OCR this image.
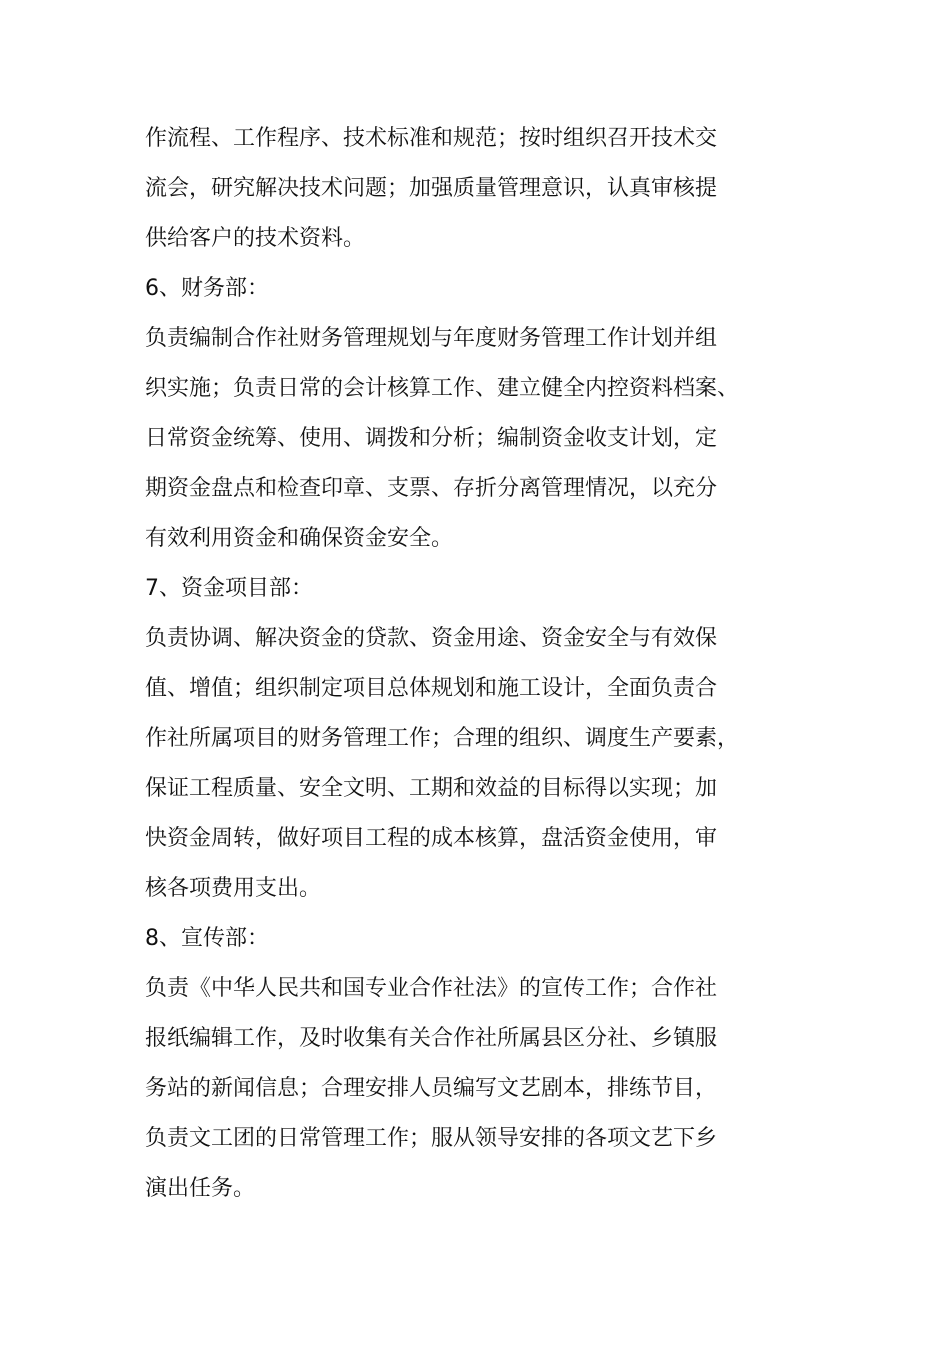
作流程、工作程序、技术标准和规范；按时组织召开技术交
流会，研究解决技术问题；加强质量管理意识，认真审核提
供给客户的技术资料。
6、财务部：
负责编制合作社财务管理规划与年度财务管理工作计划并组
织实施；负责日常的会计核算工作、建立健全内控资料档案、
日常资金统筹、使用、调拨和分析；编制资金收支计划，定
期资金盘点和检查印章、支票、存折分离管理情况，以充分
有效利用资金和确保资金安全。
7、资金项目部：
负责协调、解决资金的贷款、资金用途、资金安全与有效保
值、增值；组织制定项目总体规划和施工设计，全面负责合
作社所属项目的财务管理工作；合理的组织、调度生产要素，
保证工程质量、安全文明、工期和效益的目标得以实现；加
快资金周转，做好项目工程的成本核算，盘活资金使用，审
核各项费用支出。
8、宣传部：
负责《中华人民共和国专业合作社法》的宣传工作；合作社
报纸编辑工作，及时收集有关合作社所属县区分社、乡镇服
务站的新闻信息；合理安排人员编写文艺剧本，排练节目，
负责文工团的日常管理工作；服从领导安排的各项文艺下乡
演出任务。
